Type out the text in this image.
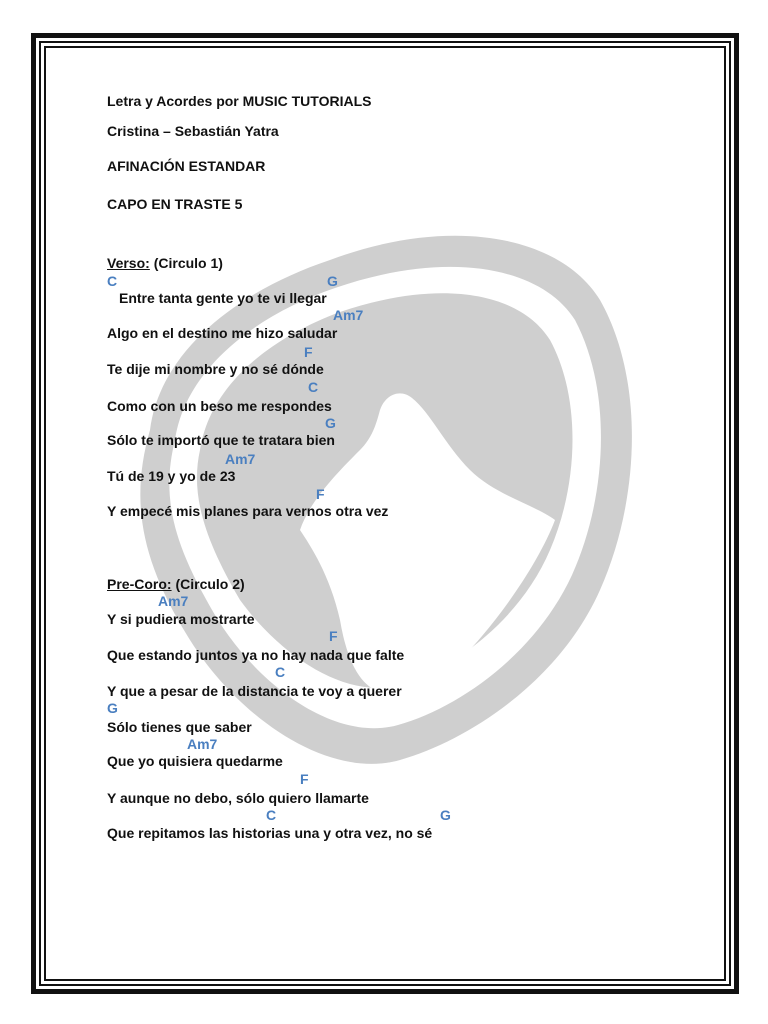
Letra y Acordes por MUSIC TUTORIALS
Cristina – Sebastián Yatra
AFINACIÓN ESTANDAR
CAPO EN TRASTE 5
Verso: (Circulo 1)
C	G
Entre tanta gente yo te vi llegar
Am7
Algo en el destino me hizo saludar
F
Te dije mi nombre y no sé dónde
C
Como con un beso me respondes
G
Sólo te importó que te tratara bien
Am7
Tú de 19 y yo de 23
F
Y empecé mis planes para vernos otra vez
Pre-Coro: (Circulo 2)
Am7
Y si pudiera mostrarte
F
Que estando juntos ya no hay nada que falte
C
Y que a pesar de la distancia te voy a querer
G
Sólo tienes que saber
Am7
Que yo quisiera quedarme
F
Y aunque no debo, sólo quiero llamarte
C	G
Que repitamos las historias una y otra vez, no sé
